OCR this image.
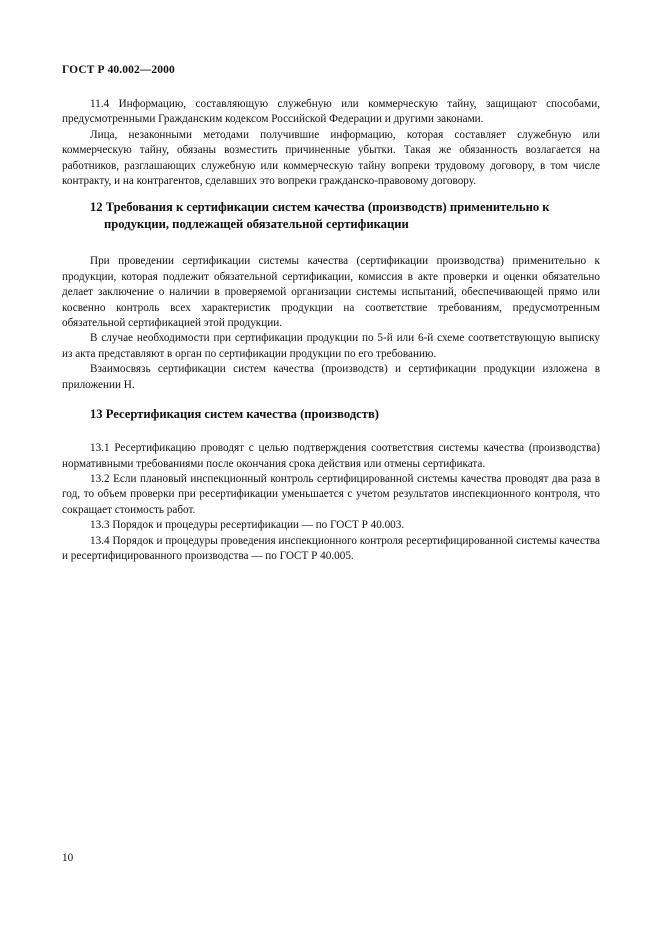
ГОСТ Р 40.002—2000

11.4 Информацию, составляющую служебную или коммерческую тайну, защищают способами, предусмотренными Гражданским кодексом Российской Федерации и другими законами.

Лица, незаконными методами получившие информацию, которая составляет служебную или коммерческую тайну, обязаны возместить причиненные убытки. Такая же обязанность возлагается на работников, разглашающих служебную или коммерческую тайну вопреки трудовому договору, в том числе контракту, и на контрагентов, сделавших это вопреки гражданско-правовому договору.

12 Требования к сертификации систем качества (производств) применительно к
продукции, подлежащей обязательной сертификации

При проведении сертификации системы качества (сертификации производства) применительно к продукции, которая подлежит обязательной сертификации, комиссия в акте проверки и оценки обязательно делает заключение о наличии в проверяемой организации системы испытаний, обеспечивающей прямо или косвенно контроль всех характеристик продукции на соответствие требованиям, предусмотренным обязательной сертификацией этой продукции.

В случае необходимости при сертификации продукции по 5-й или 6-й схеме соответствующую выписку из акта представляют в орган по сертификации продукции по его требованию.

Взаимосвязь сертификации систем качества (производств) и сертификации продукции изложена в приложении Н.

13 Ресертификация систем качества (производств)

13.1 Ресертификацию проводят с целью подтверждения соответствия системы качества (производства) нормативными требованиями после окончания срока действия или отмены сертификата.

13.2 Если плановый инспекционный контроль сертифицированной системы качества проводят два раза в год, то объем проверки при ресертификации уменьшается с учетом результатов инспекционного контроля, что сокращает стоимость работ.

13.3 Порядок и процедуры ресертификации — по ГОСТ Р 40.003.

13.4 Порядок и процедуры проведения инспекционного контроля ресертифицированной системы качества и ресертифицированного производства — по ГОСТ Р 40.005.

10
